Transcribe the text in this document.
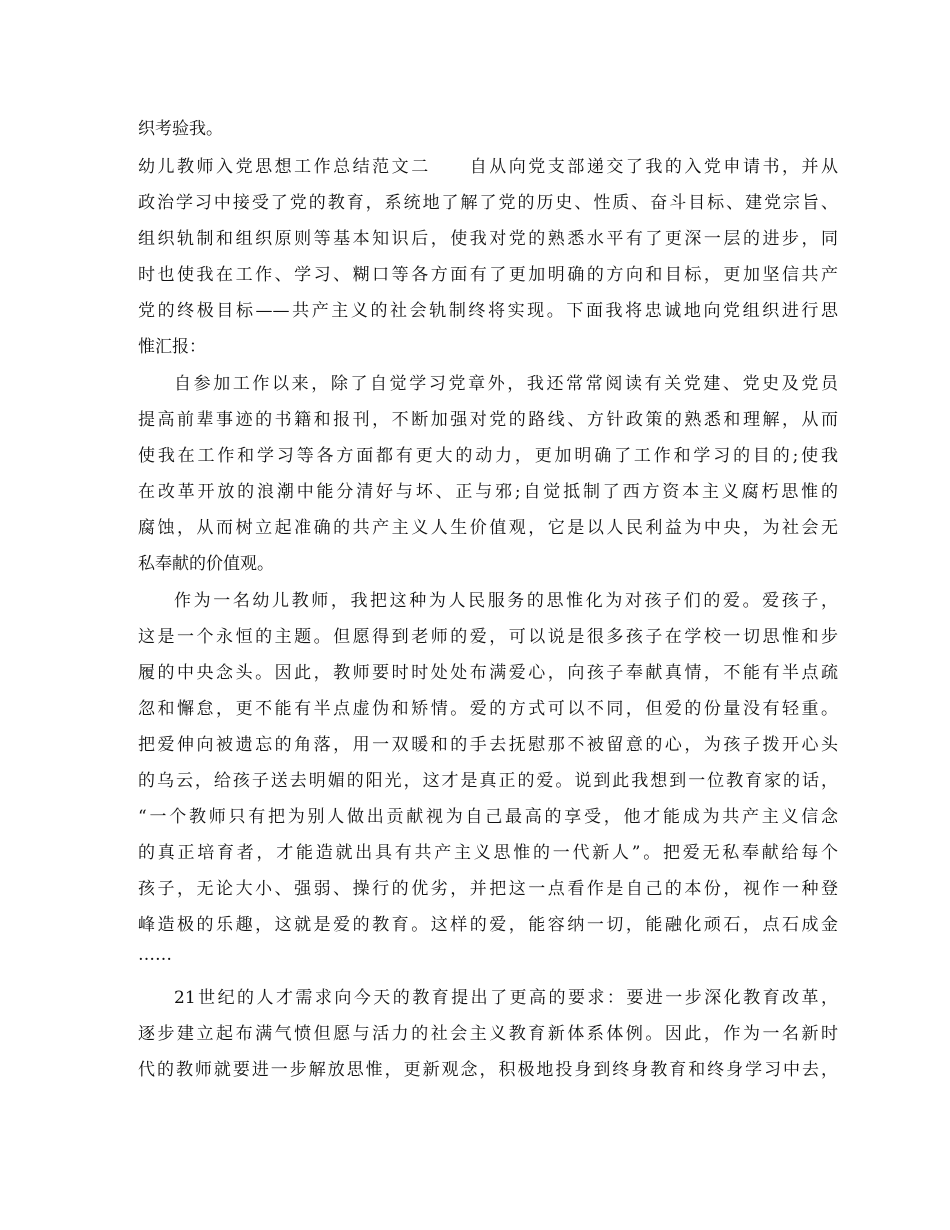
织考验我。
幼儿教师入党思想工作总结范文二　　自从向党支部递交了我的入党申请书，并从
政治学习中接受了党的教育，系统地了解了党的历史、性质、奋斗目标、建党宗旨、
组织轨制和组织原则等基本知识后，使我对党的熟悉水平有了更深一层的进步，同
时也使我在工作、学习、糊口等各方面有了更加明确的方向和目标，更加坚信共产
党的终极目标——共产主义的社会轨制终将实现。下面我将忠诚地向党组织进行思
惟汇报：
自参加工作以来，除了自觉学习党章外，我还常常阅读有关党建、党史及党员
提高前辈事迹的书籍和报刊，不断加强对党的路线、方针政策的熟悉和理解，从而
使我在工作和学习等各方面都有更大的动力，更加明确了工作和学习的目的;使我
在改革开放的浪潮中能分清好与坏、正与邪;自觉抵制了西方资本主义腐朽思惟的
腐蚀，从而树立起准确的共产主义人生价值观，它是以人民利益为中央，为社会无
私奉献的价值观。
作为一名幼儿教师，我把这种为人民服务的思惟化为对孩子们的爱。爱孩子，
这是一个永恒的主题。但愿得到老师的爱，可以说是很多孩子在学校一切思惟和步
履的中央念头。因此，教师要时时处处布满爱心，向孩子奉献真情，不能有半点疏
忽和懈怠，更不能有半点虚伪和矫情。爱的方式可以不同，但爱的份量没有轻重。
把爱伸向被遗忘的角落，用一双暖和的手去抚慰那不被留意的心，为孩子拨开心头
的乌云，给孩子送去明媚的阳光，这才是真正的爱。说到此我想到一位教育家的话，
“一个教师只有把为别人做出贡献视为自己最高的享受，他才能成为共产主义信念
的真正培育者，才能造就出具有共产主义思惟的一代新人”。把爱无私奉献给每个
孩子，无论大小、强弱、操行的优劣，并把这一点看作是自己的本份，视作一种登
峰造极的乐趣，这就是爱的教育。这样的爱，能容纳一切，能融化顽石，点石成金
……
21世纪的人才需求向今天的教育提出了更高的要求：要进一步深化教育改革，
逐步建立起布满气愤但愿与活力的社会主义教育新体系体例。因此，作为一名新时
代的教师就要进一步解放思惟，更新观念，积极地投身到终身教育和终身学习中去，
